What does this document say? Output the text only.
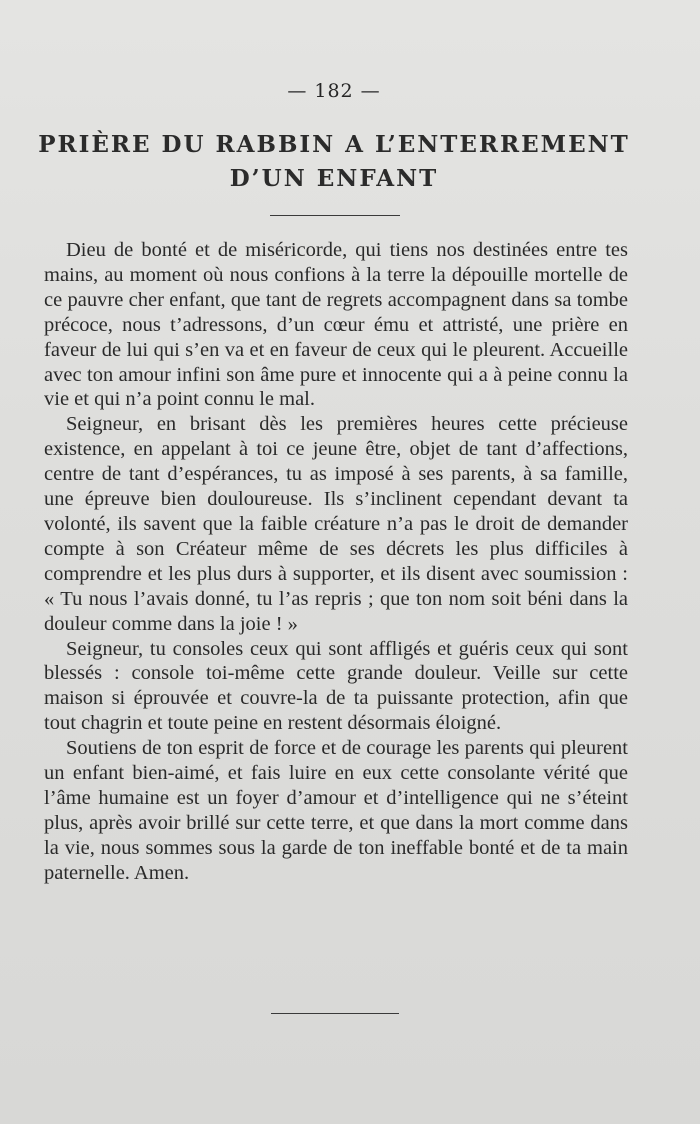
— 182 —
PRIÈRE DU RABBIN A L’ENTERREMENT
D’UN ENFANT

Dieu de bonté et de miséricorde, qui tiens nos destinées entre tes mains, au moment où nous confions à la terre la dépouille mortelle de ce pauvre cher enfant, que tant de regrets accompagnent dans sa tombe précoce, nous t’adressons, d’un cœur ému et attristé, une prière en faveur de lui qui s’en va et en faveur de ceux qui le pleurent. Accueille avec ton amour infini son âme pure et innocente qui a à peine connu la vie et qui n’a point connu le mal.

Seigneur, en brisant dès les premières heures cette précieuse existence, en appelant à toi ce jeune être, objet de tant d’affections, centre de tant d’espérances, tu as imposé à ses parents, à sa famille, une épreuve bien douloureuse. Ils s’inclinent cependant devant ta volonté, ils savent que la faible créature n’a pas le droit de demander compte à son Créateur même de ses décrets les plus difficiles à comprendre et les plus durs à supporter, et ils disent avec soumission : « Tu nous l’avais donné, tu l’as repris ; que ton nom soit béni dans la douleur comme dans la joie ! »

Seigneur, tu consoles ceux qui sont affligés et guéris ceux qui sont blessés : console toi-même cette grande douleur. Veille sur cette maison si éprouvée et couvre-la de ta puissante protection, afin que tout chagrin et toute peine en restent désormais éloigné.

Soutiens de ton esprit de force et de courage les parents qui pleurent un enfant bien-aimé, et fais luire en eux cette consolante vérité que l’âme humaine est un foyer d’amour et d’intelligence qui ne s’éteint plus, après avoir brillé sur cette terre, et que dans la mort comme dans la vie, nous sommes sous la garde de ton ineffable bonté et de ta main paternelle. Amen.
